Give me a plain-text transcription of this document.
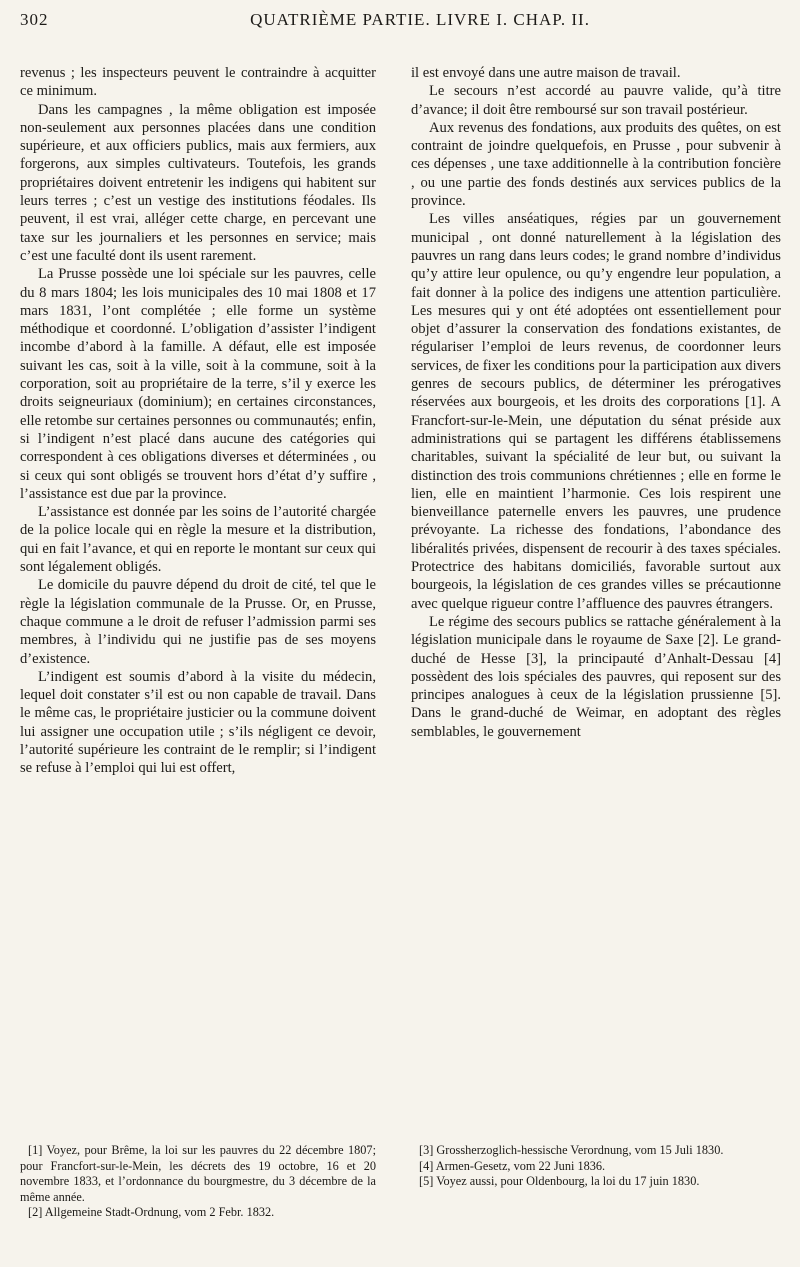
302	QUATRIÈME PARTIE. LIVRE I. CHAP. II.

revenus ; les inspecteurs peuvent le contraindre à acquitter ce minimum.

Dans les campagnes , la même obligation est imposée non-seulement aux personnes placées dans une condition supérieure, et aux officiers publics, mais aux fermiers, aux forgerons, aux simples cultivateurs. Toutefois, les grands propriétaires doivent entretenir les indigens qui habitent sur leurs terres ; c’est un vestige des institutions féodales. Ils peuvent, il est vrai, alléger cette charge, en percevant une taxe sur les journaliers et les personnes en service; mais c’est une faculté dont ils usent rarement.

La Prusse possède une loi spéciale sur les pauvres, celle du 8 mars 1804; les lois municipales des 10 mai 1808 et 17 mars 1831, l’ont complétée ; elle forme un système méthodique et coordonné. L’obligation d’assister l’indigent incombe d’abord à la famille. A défaut, elle est imposée suivant les cas, soit à la ville, soit à la commune, soit à la corporation, soit au propriétaire de la terre, s’il y exerce les droits seigneuriaux (dominium); en certaines circonstances, elle retombe sur certaines personnes ou communautés; enfin, si l’indigent n’est placé dans aucune des catégories qui correspondent à ces obligations diverses et déterminées , ou si ceux qui sont obligés se trouvent hors d’état d’y suffire , l’assistance est due par la province.

L’assistance est donnée par les soins de l’autorité chargée de la police locale qui en règle la mesure et la distribution, qui en fait l’avance, et qui en reporte le montant sur ceux qui sont légalement obligés.

Le domicile du pauvre dépend du droit de cité, tel que le règle la législation communale de la Prusse. Or, en Prusse, chaque commune a le droit de refuser l’admission parmi ses membres, à l’individu qui ne justifie pas de ses moyens d’existence.

L’indigent est soumis d’abord à la visite du médecin, lequel doit constater s’il est ou non capable de travail. Dans le même cas, le propriétaire justicier ou la commune doivent lui assigner une occupation utile ; s’ils négligent ce devoir, l’autorité supérieure les contraint de le remplir; si l’indigent se refuse à l’emploi qui lui est offert,

il est envoyé dans une autre maison de travail.

Le secours n’est accordé au pauvre valide, qu’à titre d’avance; il doit être remboursé sur son travail postérieur.

Aux revenus des fondations, aux produits des quêtes, on est contraint de joindre quelquefois, en Prusse , pour subvenir à ces dépenses , une taxe additionnelle à la contribution foncière , ou une partie des fonds destinés aux services publics de la province.

Les villes anséatiques, régies par un gouvernement municipal , ont donné naturellement à la législation des pauvres un rang dans leurs codes; le grand nombre d’individus qu’y attire leur opulence, ou qu’y engendre leur population, a fait donner à la police des indigens une attention particulière. Les mesures qui y ont été adoptées ont essentiellement pour objet d’assurer la conservation des fondations existantes, de régulariser l’emploi de leurs revenus, de coordonner leurs services, de fixer les conditions pour la participation aux divers genres de secours publics, de déterminer les prérogatives réservées aux bourgeois, et les droits des corporations [1]. A Francfort-sur-le-Mein, une députation du sénat préside aux administrations qui se partagent les différens établissemens charitables, suivant la spécialité de leur but, ou suivant la distinction des trois communions chrétiennes ; elle en forme le lien, elle en maintient l’harmonie. Ces lois respirent une bienveillance paternelle envers les pauvres, une prudence prévoyante. La richesse des fondations, l’abondance des libéralités privées, dispensent de recourir à des taxes spéciales. Protectrice des habitans domiciliés, favorable surtout aux bourgeois, la législation de ces grandes villes se précautionne avec quelque rigueur contre l’affluence des pauvres étrangers.

Le régime des secours publics se rattache généralement à la législation municipale dans le royaume de Saxe [2]. Le grand-duché de Hesse [3], la principauté d’Anhalt-Dessau [4] possèdent des lois spéciales des pauvres, qui reposent sur des principes analogues à ceux de la législation prussienne [5]. Dans le grand-duché de Weimar, en adoptant des règles semblables, le gouvernement

[1] Voyez, pour Brême, la loi sur les pauvres du 22 décembre 1807; pour Francfort-sur-le-Mein, les décrets des 19 octobre, 16 et 20 novembre 1833, et l’ordonnance du bourgmestre, du 3 décembre de la même année.

[2] Allgemeine Stadt-Ordnung, vom 2 Febr. 1832.

[3] Grossherzoglich-hessische Verordnung, vom 15 Juli 1830.

[4] Armen-Gesetz, vom 22 Juni 1836.

[5] Voyez aussi, pour Oldenbourg, la loi du 17 juin 1830.
